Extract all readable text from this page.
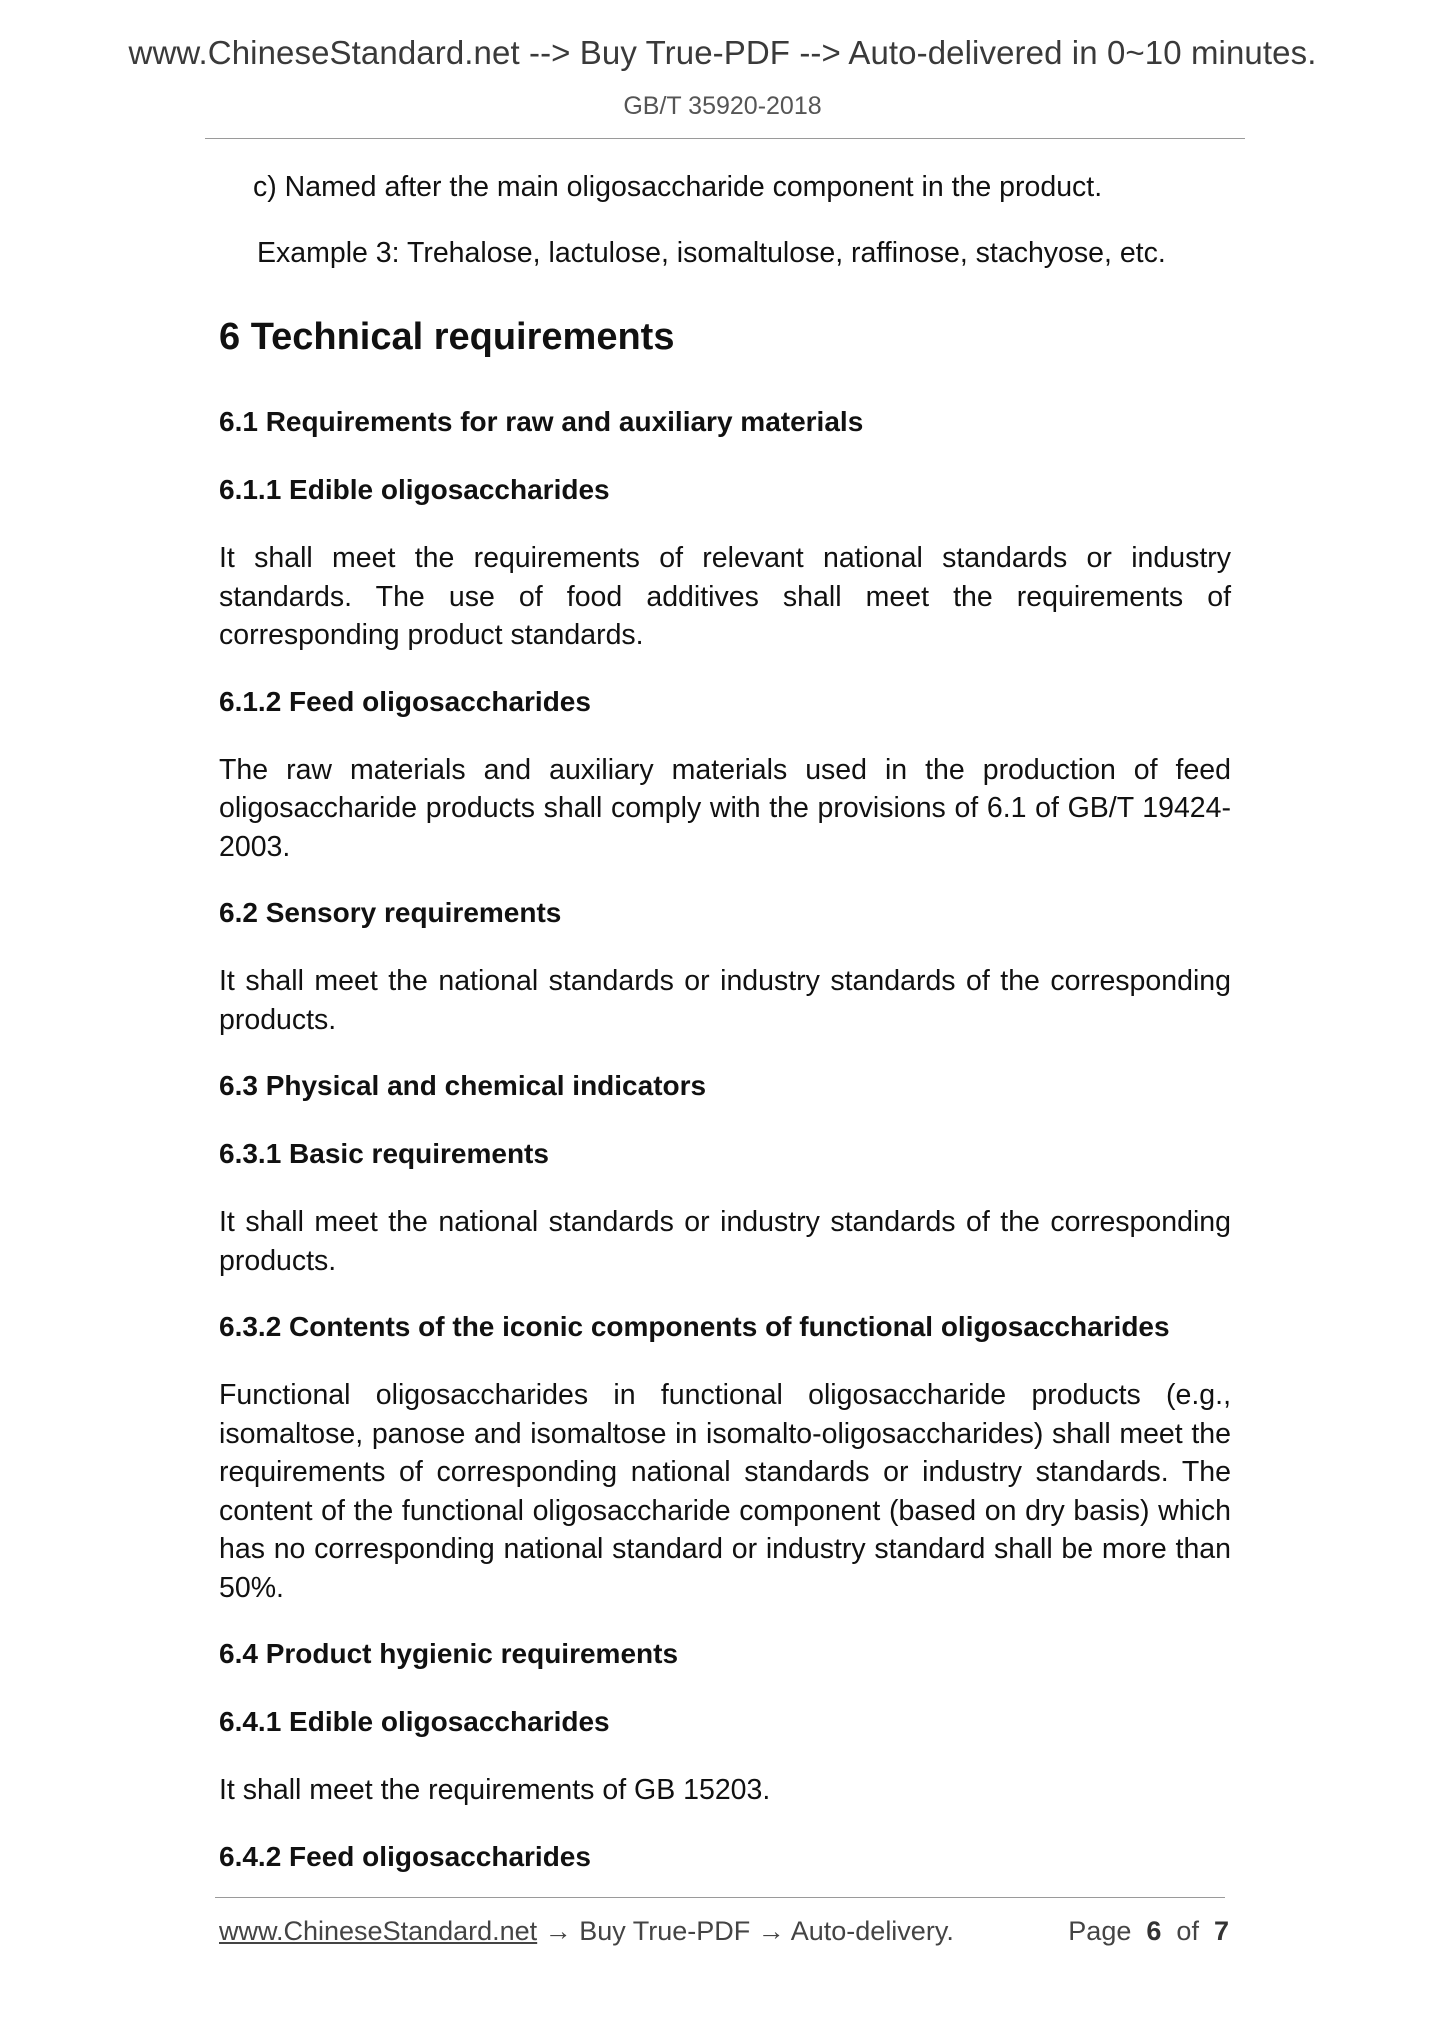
www.ChineseStandard.net --> Buy True-PDF --> Auto-delivered in 0~10 minutes.
GB/T 35920-2018

c) Named after the main oligosaccharide component in the product.

Example 3: Trehalose, lactulose, isomaltulose, raffinose, stachyose, etc.

6 Technical requirements
6.1 Requirements for raw and auxiliary materials
6.1.1 Edible oligosaccharides

It shall meet the requirements of relevant national standards or industry standards. The use of food additives shall meet the requirements of corresponding product standards.

6.1.2 Feed oligosaccharides

The raw materials and auxiliary materials used in the production of feed oligosaccharide products shall comply with the provisions of 6.1 of GB/T 19424-2003.

6.2 Sensory requirements

It shall meet the national standards or industry standards of the corresponding products.

6.3 Physical and chemical indicators
6.3.1 Basic requirements

It shall meet the national standards or industry standards of the corresponding products.

6.3.2 Contents of the iconic components of functional oligosaccharides

Functional oligosaccharides in functional oligosaccharide products (e.g., isomaltose, panose and isomaltose in isomalto-oligosaccharides) shall meet the requirements of corresponding national standards or industry standards. The content of the functional oligosaccharide component (based on dry basis) which has no corresponding national standard or industry standard shall be more than 50%.

6.4 Product hygienic requirements
6.4.1 Edible oligosaccharides

It shall meet the requirements of GB 15203.

6.4.2 Feed oligosaccharides
www.ChineseStandard.net → Buy True-PDF → Auto-delivery.	Page 6 of 7
